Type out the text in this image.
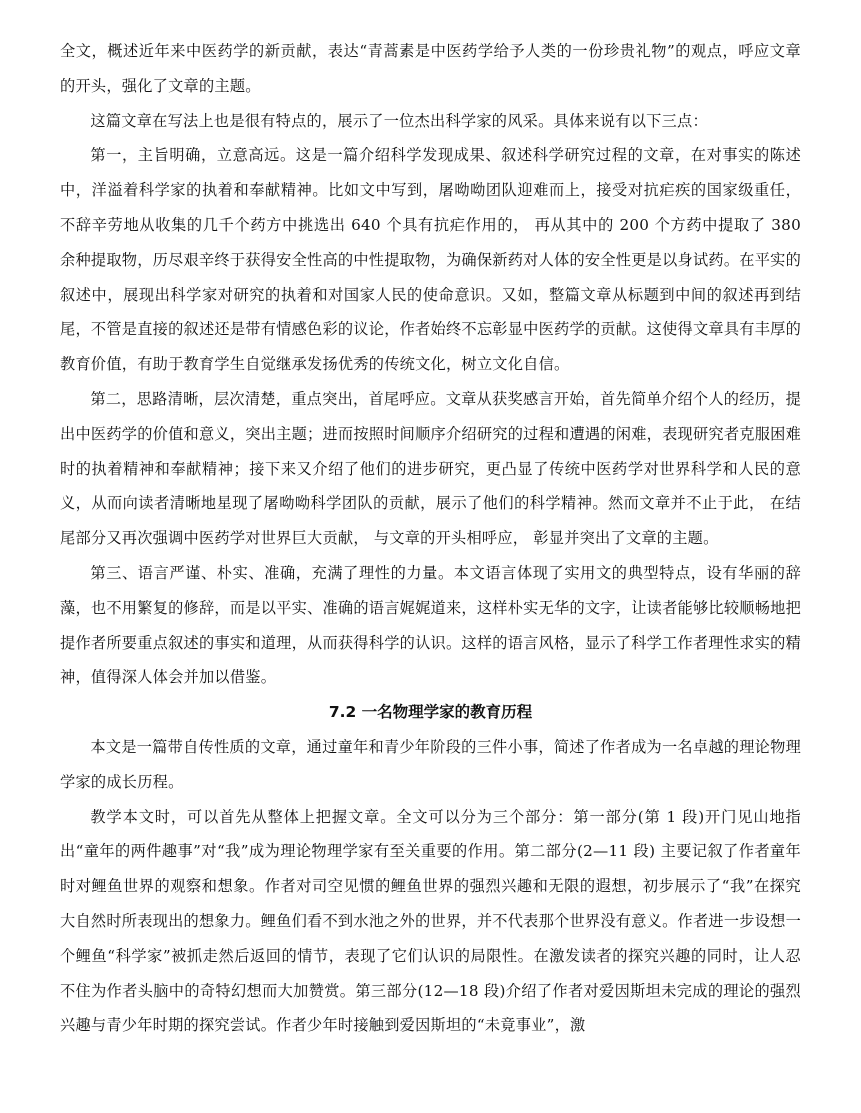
全文，概述近年来中医药学的新贡献，表达“青蒿素是中医药学给予人类的一份珍贵礼物”的观点，呼应文章的开头，强化了文章的主题。

这篇文章在写法上也是很有特点的，展示了一位杰出科学家的风采。具体来说有以下三点：

第一，主旨明确，立意高远。这是一篇介绍科学发现成果、叙述科学研究过程的文章，在对事实的陈述中，洋溢着科学家的执着和奉献精神。比如文中写到，屠呦呦团队迎难而上，接受对抗疟疾的国家级重任， 不辞辛劳地从收集的几千个药方中挑选出 640 个具有抗疟作用的， 再从其中的 200 个方药中提取了 380 余种提取物，历尽艰辛终于获得安全性高的中性提取物，为确保新药对人体的安全性更是以身试药。在平实的叙述中，展现出科学家对研究的执着和对国家人民的使命意识。又如，整篇文章从标题到中间的叙述再到结尾，不管是直接的叙述还是带有情感色彩的议论，作者始终不忘彰显中医药学的贡献。这使得文章具有丰厚的教育价值，有助于教育学生自觉继承发扬优秀的传统文化，树立文化自信。

第二，思路清晰，层次清楚，重点突出，首尾呼应。文章从获奖感言开始，首先简单介绍个人的经历，提出中医药学的价值和意义，突出主题；进而按照时间顺序介绍研究的过程和遭遇的闲难，表现研究者克服困难时的执着精神和奉献精神；接下来又介绍了他们的进步研究，更凸显了传统中医药学对世界科学和人民的意义，从而向读者清晰地星现了屠呦呦科学团队的贡献，展示了他们的科学精神。然而文章并不止于此， 在结尾部分又再次强调中医药学对世界巨大贡献， 与文章的开头相呼应， 彰显并突出了文章的主题。

第三、语言严谨、朴实、准确，充满了理性的力量。本文语言体现了实用文的典型特点，设有华丽的辞藻，也不用繁复的修辞，而是以平实、准确的语言娓娓道来，这样朴实无华的文字，让读者能够比较顺畅地把提作者所要重点叙述的事实和道理，从而获得科学的认识。这样的语言风格，显示了科学工作者理性求实的精神，值得深人体会并加以借鉴。

7.2 一名物理学家的教育历程

本文是一篇带自传性质的文章，通过童年和青少年阶段的三件小事，简述了作者成为一名卓越的理论物理学家的成长历程。

教学本文时，可以首先从整体上把握文章。全文可以分为三个部分：第一部分(第 1 段)开门见山地指出“童年的两件趣事”对“我”成为理论物理学家有至关重要的作用。第二部分(2—11 段) 主要记叙了作者童年时对鲤鱼世界的观察和想象。作者对司空见惯的鲤鱼世界的强烈兴趣和无限的遐想，初步展示了“我”在探究大自然时所表现出的想象力。鲤鱼们看不到水池之外的世界，并不代表那个世界没有意义。作者进一步设想一个鲤鱼“科学家”被抓走然后返回的情节，表现了它们认识的局限性。在激发读者的探究兴趣的同时，让人忍不住为作者头脑中的奇特幻想而大加赞赏。第三部分(12—18 段)介绍了作者对爱因斯坦未完成的理论的强烈兴趣与青少年时期的探究尝试。作者少年时接触到爱因斯坦的“未竟事业”，激
